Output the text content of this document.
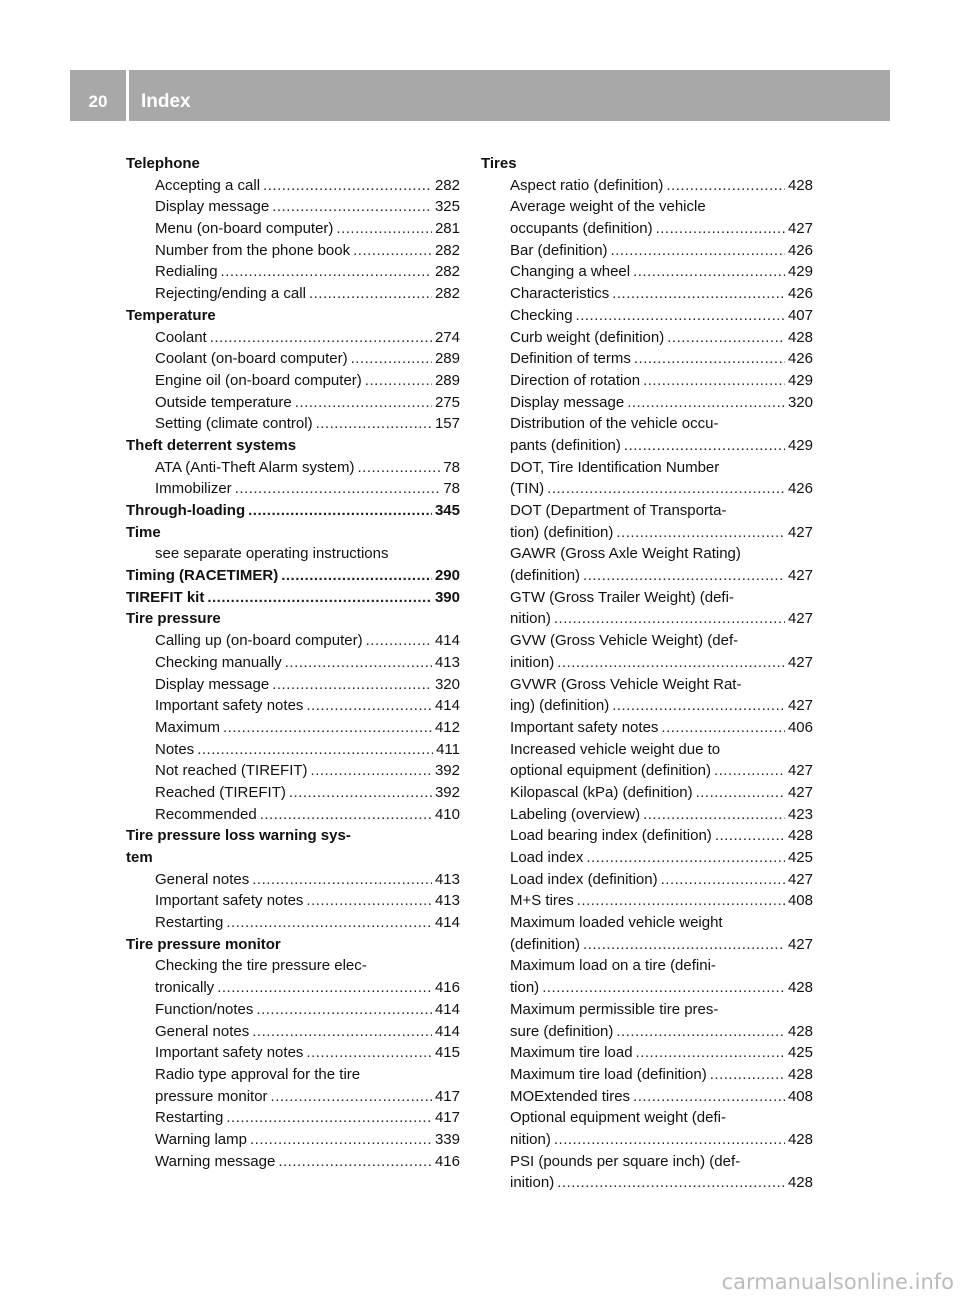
20	Index
Telephone
Accepting a call .....	282
Display message .....	325
Menu (on-board computer) .....	281
Number from the phone book .....	282
Redialing .....	282
Rejecting/ending a call .....	282
Temperature
Coolant .....	274
Coolant (on-board computer) .....	289
Engine oil (on-board computer) .....	289
Outside temperature .....	275
Setting (climate control) .....	157
Theft deterrent systems
ATA (Anti-Theft Alarm system) .....	78
Immobilizer .....	78
Through-loading .....	345
Time
see separate operating instructions
Timing (RACETIMER) .....	290
TIREFIT kit .....	390
Tire pressure
Calling up (on-board computer) .....	414
Checking manually .....	413
Display message .....	320
Important safety notes .....	414
Maximum .....	412
Notes .....	411
Not reached (TIREFIT) .....	392
Reached (TIREFIT) .....	392
Recommended .....	410
Tire pressure loss warning sys-
tem
General notes .....	413
Important safety notes .....	413
Restarting .....	414
Tire pressure monitor
Checking the tire pressure elec-
tronically .....	416
Function/notes .....	414
General notes .....	414
Important safety notes .....	415
Radio type approval for the tire
pressure monitor .....	417
Restarting .....	417
Warning lamp .....	339
Warning message .....	416
Tires
Aspect ratio (definition) .....	428
Average weight of the vehicle
occupants (definition) .....	427
Bar (definition) .....	426
Changing a wheel .....	429
Characteristics .....	426
Checking .....	407
Curb weight (definition) .....	428
Definition of terms .....	426
Direction of rotation .....	429
Display message .....	320
Distribution of the vehicle occu-
pants (definition) .....	429
DOT, Tire Identification Number
(TIN) .....	426
DOT (Department of Transporta-
tion) (definition) .....	427
GAWR (Gross Axle Weight Rating)
(definition) .....	427
GTW (Gross Trailer Weight) (defi-
nition) .....	427
GVW (Gross Vehicle Weight) (def-
inition) .....	427
GVWR (Gross Vehicle Weight Rat-
ing) (definition) .....	427
Important safety notes .....	406
Increased vehicle weight due to
optional equipment (definition) .....	427
Kilopascal (kPa) (definition) .....	427
Labeling (overview) .....	423
Load bearing index (definition) .....	428
Load index .....	425
Load index (definition) .....	427
M+S tires .....	408
Maximum loaded vehicle weight
(definition) .....	427
Maximum load on a tire (defini-
tion) .....	428
Maximum permissible tire pres-
sure (definition) .....	428
Maximum tire load .....	425
Maximum tire load (definition) .....	428
MOExtended tires .....	408
Optional equipment weight (defi-
nition) .....	428
PSI (pounds per square inch) (def-
inition) .....	428
carmanualsonline.info
